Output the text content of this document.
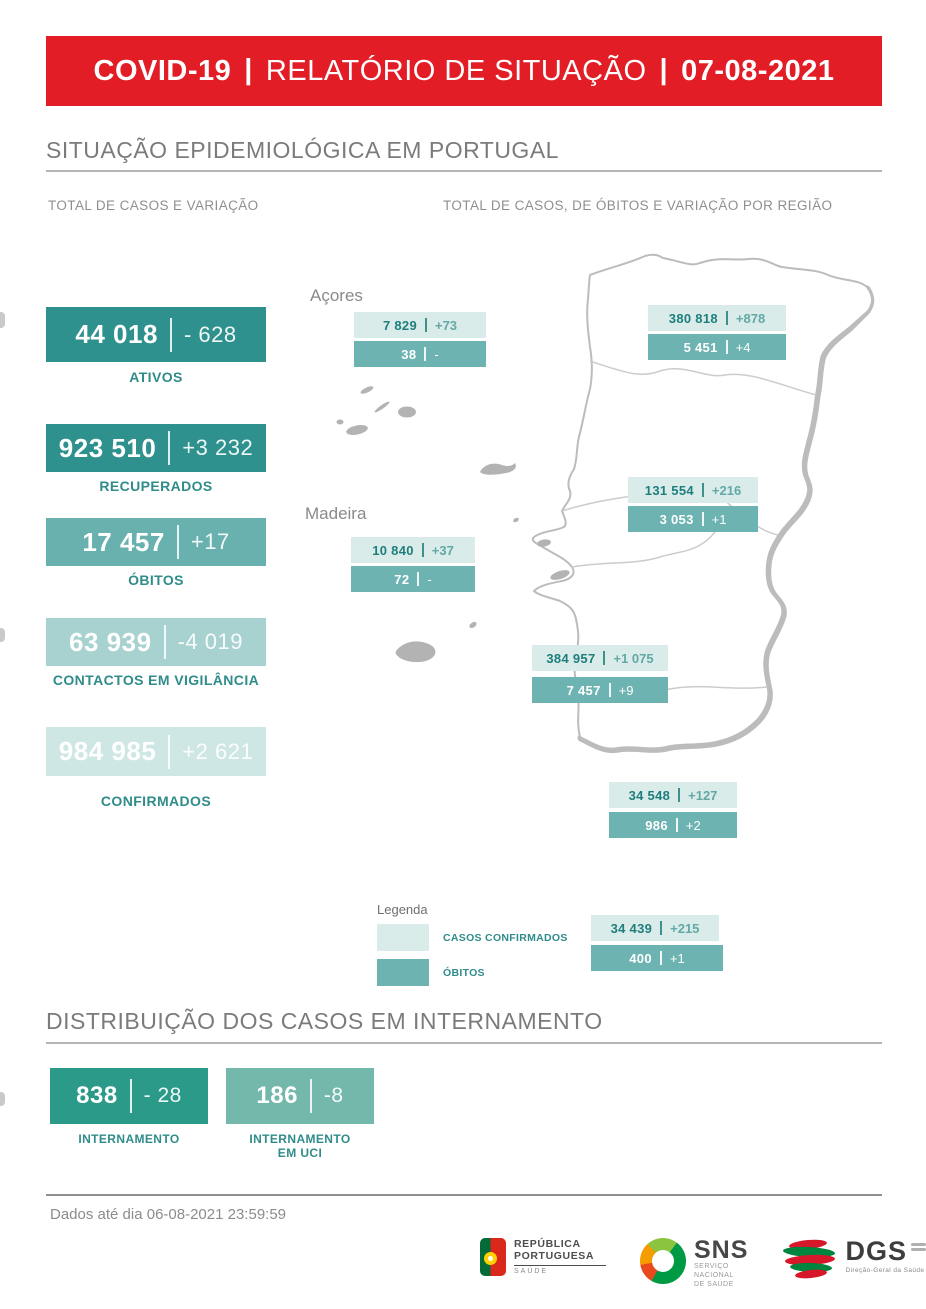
COVID-19 | RELATÓRIO DE SITUAÇÃO | 07-08-2021
SITUAÇÃO EPIDEMIOLÓGICA EM PORTUGAL
TOTAL DE CASOS E VARIAÇÃO	TOTAL DE CASOS, DE ÓBITOS E VARIAÇÃO POR REGIÃO
44 018 - 628
ATIVOS
923 510 +3 232
RECUPERADOS
17 457 +17
ÓBITOS
63 939 -4 019
CONTACTOS EM VIGILÂNCIA
984 985 +2 621
CONFIRMADOS
Açores
7 829 +73
38 -
Madeira
10 840 +37
72 -
380 818 +878
5 451 +4
131 554 +216
3 053 +1
384 957 +1 075
7 457 +9
34 548 +127
986 +2
34 439 +215
400 +1
Legenda
CASOS CONFIRMADOS
ÓBITOS
DISTRIBUIÇÃO DOS CASOS EM INTERNAMENTO
838 - 28
INTERNAMENTO
186 -8
INTERNAMENTO
EM UCI
Dados até dia 06-08-2021 23:59:59
REPÚBLICA
PORTUGUESA
SAÚDE
SNS
SERVIÇO NACIONAL
DE SAÚDE
DGS
Direção-Geral da Saúde
